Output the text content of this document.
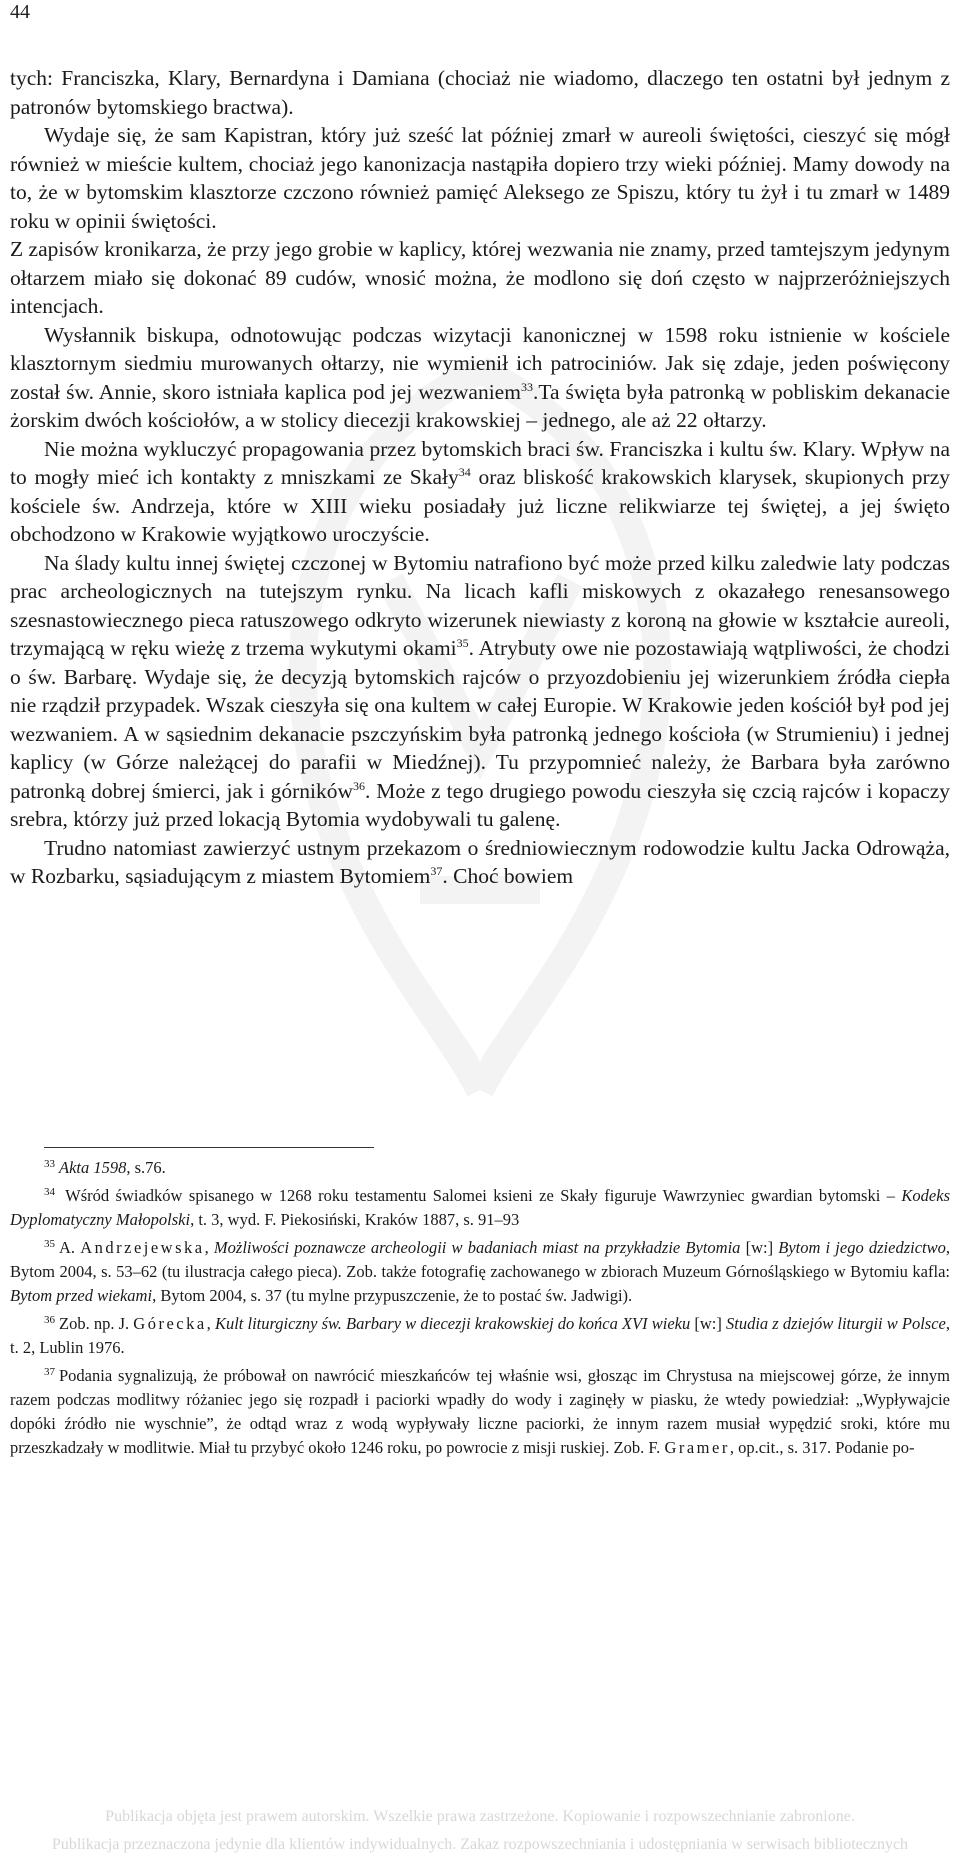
44

tych: Franciszka, Klary, Bernardyna i Damiana (chociaż nie wiadomo, dlaczego ten ostatni był jednym z patronów bytomskiego bractwa).

Wydaje się, że sam Kapistran, który już sześć lat później zmarł w aureoli świętości, cieszyć się mógł również w mieście kultem, chociaż jego kanonizacja nastąpiła dopiero trzy wieki później. Mamy dowody na to, że w bytomskim klasztorze czczono również pamięć Aleksego ze Spiszu, który tu żył i tu zmarł w 1489 roku w opinii świętości.

Z zapisów kronikarza, że przy jego grobie w kaplicy, której wezwania nie znamy, przed tamtejszym jedynym ołtarzem miało się dokonać 89 cudów, wnosić można, że modlono się doń często w najprzeróżniejszych intencjach.

Wysłannik biskupa, odnotowując podczas wizytacji kanonicznej w 1598 roku istnienie w kościele klasztornym siedmiu murowanych ołtarzy, nie wymienił ich patrociniów. Jak się zdaje, jeden poświęcony został św. Annie, skoro istniała kaplica pod jej wezwaniem$^{33}$.Ta święta była patronką w pobliskim dekanacie żorskim dwóch kościołów, a w stolicy diecezji krakowskiej – jednego, ale aż 22 ołtarzy.

Nie można wykluczyć propagowania przez bytomskich braci św. Franciszka i kultu św. Klary. Wpływ na to mogły mieć ich kontakty z mniszkami ze Skały$^{34}$ oraz bliskość krakowskich klarysek, skupionych przy kościele św. Andrzeja, które w XIII wieku posiadały już liczne relikwiarze tej świętej, a jej święto obchodzono w Krakowie wyjątkowo uroczyście.

Na ślady kultu innej świętej czczonej w Bytomiu natrafiono być może przed kilku zaledwie laty podczas prac archeologicznych na tutejszym rynku. Na licach kafli miskowych z okazałego renesansowego szesnastowiecznego pieca ratuszowego odkryto wizerunek niewiasty z koroną na głowie w kształcie aureoli, trzymającą w ręku wieżę z trzema wykutymi okami$^{35}$. Atrybuty owe nie pozostawiają wątpliwości, że chodzi o św. Barbarę. Wydaje się, że decyzją bytomskich rajców o przyozdobieniu jej wizerunkiem źródła ciepła nie rządził przypadek. Wszak cieszyła się ona kultem w całej Europie. W Krakowie jeden kościół był pod jej wezwaniem. A w sąsiednim dekanacie pszczyńskim była patronką jednego kościoła (w Strumieniu) i jednej kaplicy (w Górze należącej do parafii w Miedźnej). Tu przypomnieć należy, że Barbara była zarówno patronką dobrej śmierci, jak i górników$^{36}$. Może z tego drugiego powodu cieszyła się czcią rajców i kopaczy srebra, którzy już przed lokacją Bytomia wydobywali tu galenę.

Trudno natomiast zawierzyć ustnym przekazom o średniowiecznym rodowodzie kultu Jacka Odrowąża, w Rozbarku, sąsiadującym z miastem Bytomiem$^{37}$. Choć bowiem

$^{33}$ Akta 1598, s.76.

$^{34}$ Wśród świadków spisanego w 1268 roku testamentu Salomei ksieni ze Skały figuruje Wawrzyniec gwardian bytomski – Kodeks Dyplomatyczny Małopolski, t. 3, wyd. F. Piekosiński, Kraków 1887, s. 91–93

$^{35}$ A. Andrzejewska, Możliwości poznawcze archeologii w badaniach miast na przykładzie Bytomia [w:] Bytom i jego dziedzictwo, Bytom 2004, s. 53–62 (tu ilustracja całego pieca). Zob. także fotografię zachowanego w zbiorach Muzeum Górnośląskiego w Bytomiu kafla: Bytom przed wiekami, Bytom 2004, s. 37 (tu mylne przypuszczenie, że to postać św. Jadwigi).

$^{36}$ Zob. np. J. Górecka, Kult liturgiczny św. Barbary w diecezji krakowskiej do końca XVI wieku [w:] Studia z dziejów liturgii w Polsce, t. 2, Lublin 1976.

$^{37}$ Podania sygnalizują, że próbował on nawrócić mieszkańców tej właśnie wsi, głosząc im Chrystusa na miejscowej górze, że innym razem podczas modlitwy różaniec jego się rozpadł i paciorki wpadły do wody i zaginęły w piasku, że wtedy powiedział: „Wypływajcie dopóki źródło nie wyschnie”, że odtąd wraz z wodą wypływały liczne paciorki, że innym razem musiał wypędzić sroki, które mu przeszkadzały w modlitwie. Miał tu przybyć około 1246 roku, po powrocie z misji ruskiej. Zob. F. Gramer, op.cit., s. 317. Podanie po-

Publikacja objęta jest prawem autorskim. Wszelkie prawa zastrzeżone. Kopiowanie i rozpowszechnianie zabronione.
Publikacja przeznaczona jedynie dla klientów indywidualnych. Zakaz rozpowszechniania i udostępniania w serwisach bibliotecznych
